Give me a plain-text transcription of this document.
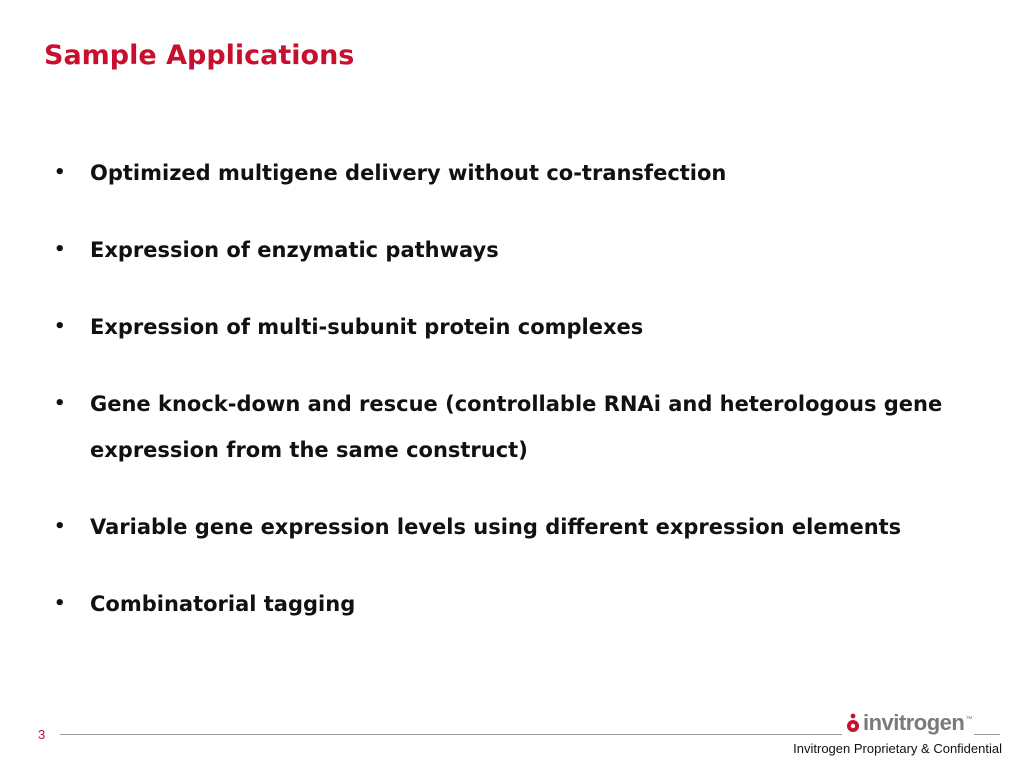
Sample Applications
• Optimized multigene delivery without co-transfection
• Expression of enzymatic pathways
• Expression of multi-subunit protein complexes
• Gene knock-down and rescue (controllable RNAi and heterologous gene expression from the same construct)
• Variable gene expression levels using different expression elements
• Combinatorial tagging
3	invitrogen ™
Invitrogen Proprietary & Confidential
